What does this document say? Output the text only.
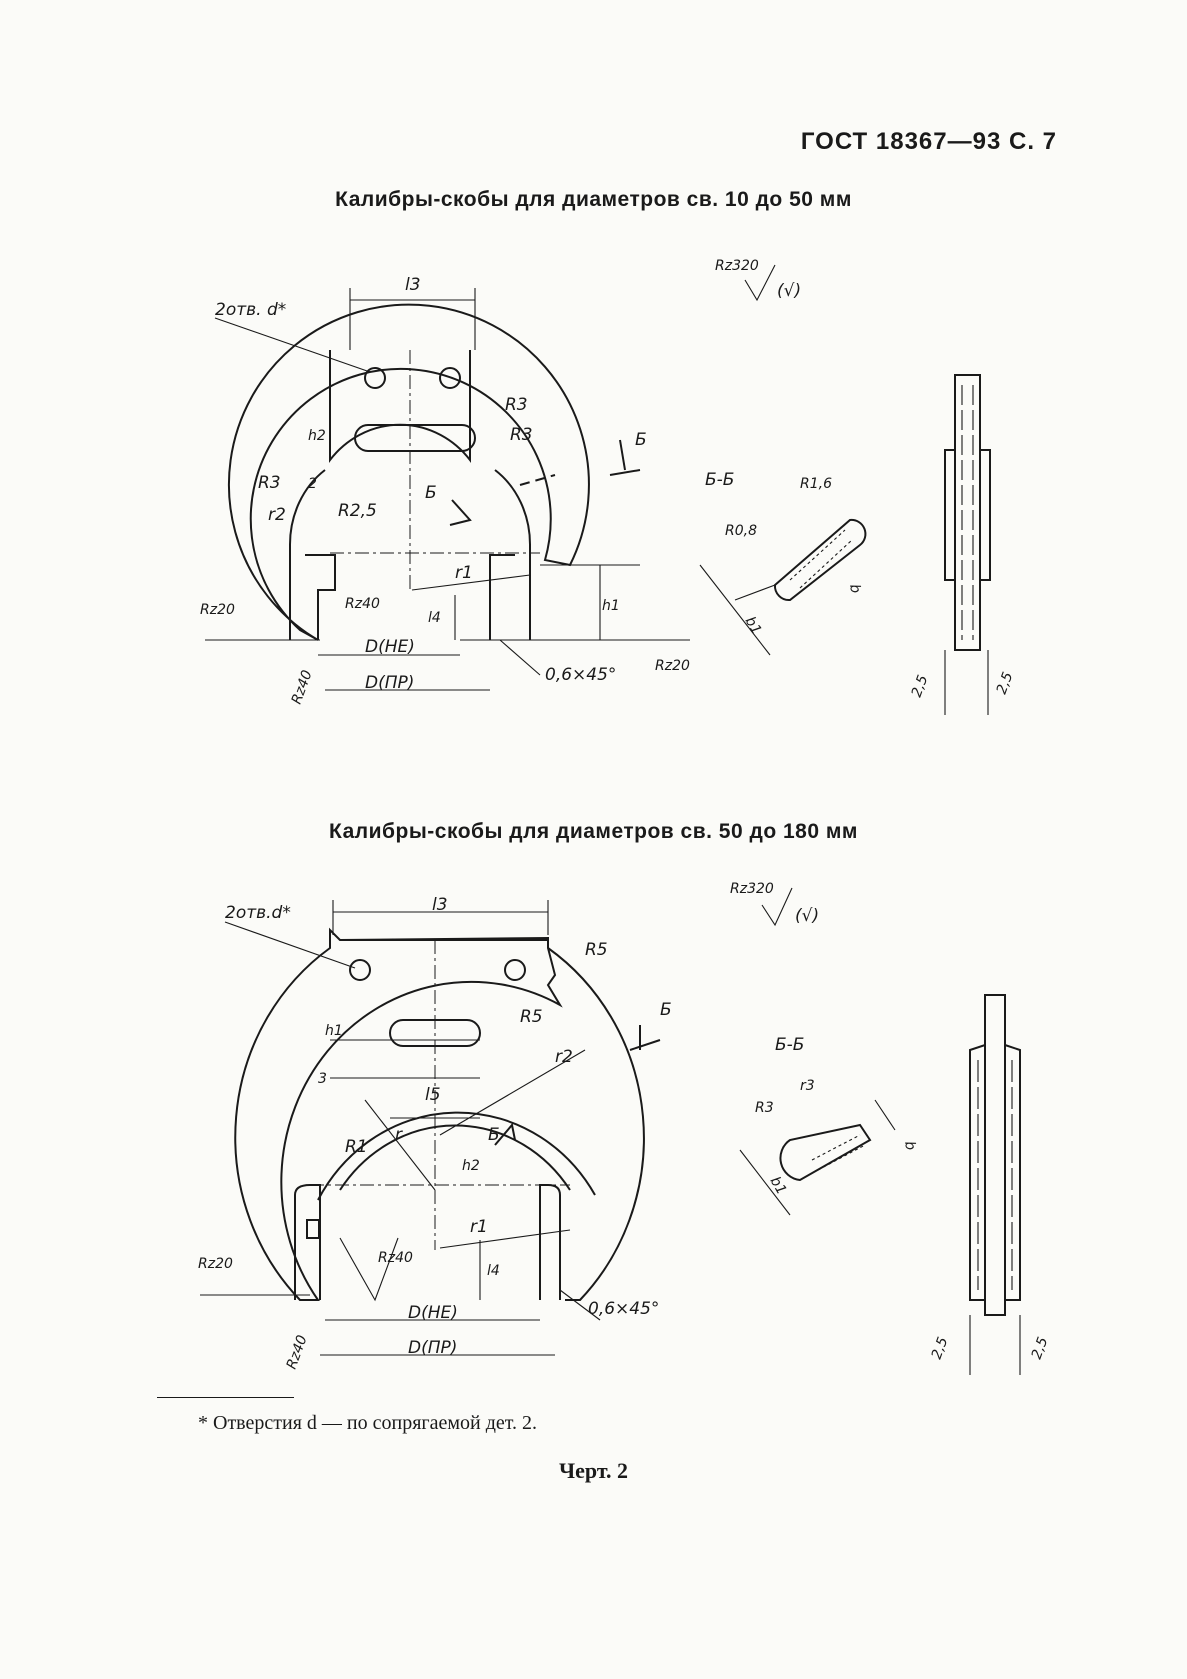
ГОСТ 18367—93 С. 7
Калибры-скобы для диаметров св. 10 до 50 мм
Калибры-скобы для диаметров св. 50 до 180 мм
2отв. d*
l3
R3
R3
R3
h2
2
r2	R2,5
Б
Б
r1
Rz40
l4
h1
Rz20
D(НЕ)
D(ПР)	0,6×45°	Rz20
Rz40
Rz320
(√)
Б-Б	R1,6
R0,8
b1
b
2,5	2,5
2отв.d*	l3
R5
R5
h1
3
r2
l5
r
R1
h2
Б
Б
r1
Rz40
l4
Rz20
D(НЕ)
D(ПР)
0,6×45°
Rz40
Rz320
(√)
Б-Б
R3
r3
b1
b
2,5	2,5
* Отверстия d — по сопрягаемой дет. 2.
Черт. 2
